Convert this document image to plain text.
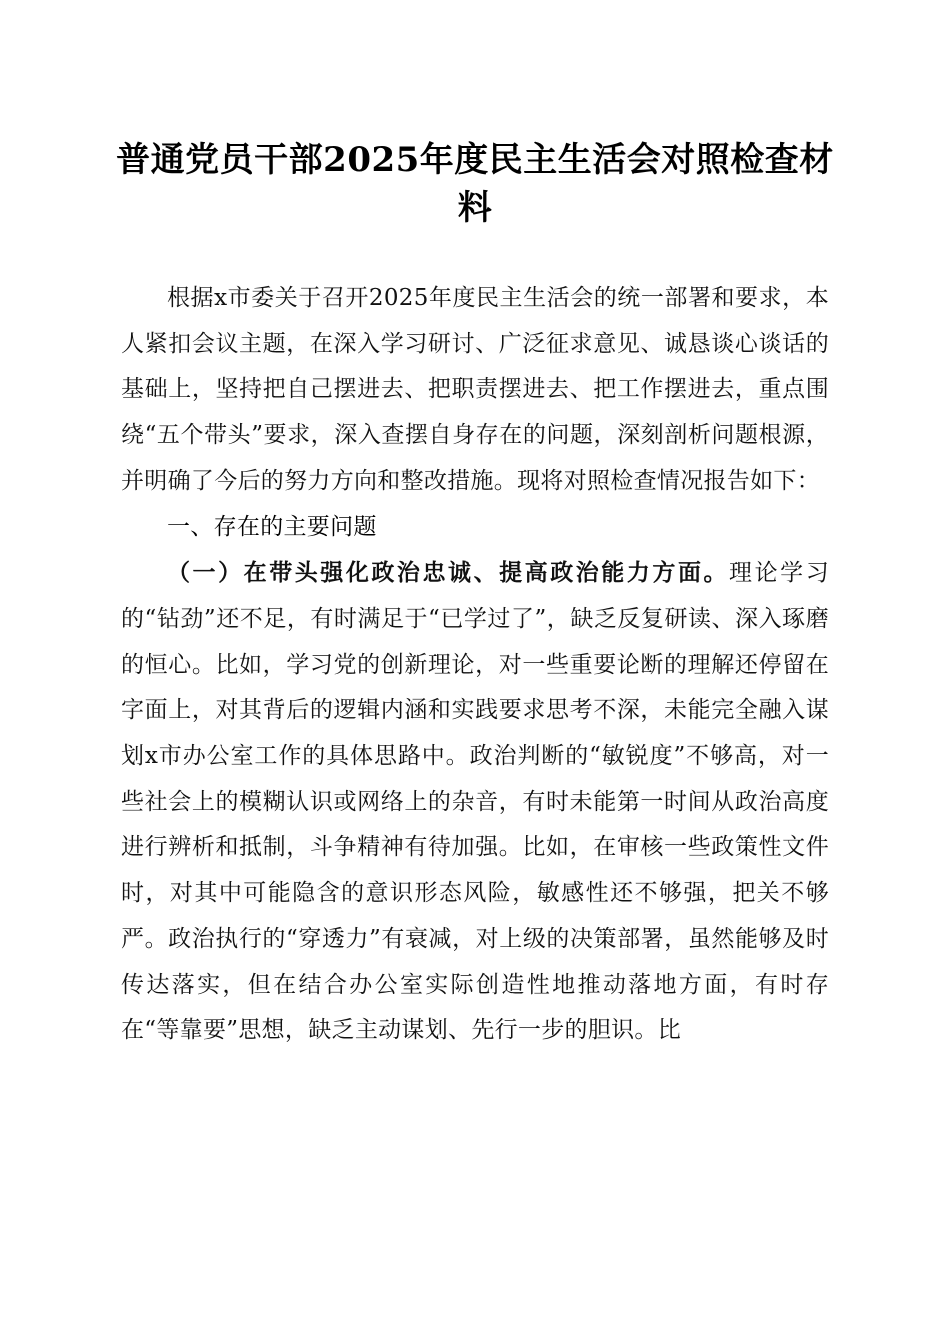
普通党员干部2025年度民主生活会对照检查材料

根据x市委关于召开2025年度民主生活会的统一部署和要求，本人紧扣会议主题，在深入学习研讨、广泛征求意见、诚恳谈心谈话的基础上，坚持把自己摆进去、把职责摆进去、把工作摆进去，重点围绕“五个带头”要求，深入查摆自身存在的问题，深刻剖析问题根源，并明确了今后的努力方向和整改措施。现将对照检查情况报告如下：

一、存在的主要问题

（一）在带头强化政治忠诚、提高政治能力方面。理论学习的“钻劲”还不足，有时满足于“已学过了”，缺乏反复研读、深入琢磨的恒心。比如，学习党的创新理论，对一些重要论断的理解还停留在字面上，对其背后的逻辑内涵和实践要求思考不深，未能完全融入谋划x市办公室工作的具体思路中。政治判断的“敏锐度”不够高，对一些社会上的模糊认识或网络上的杂音，有时未能第一时间从政治高度进行辨析和抵制，斗争精神有待加强。比如，在审核一些政策性文件时，对其中可能隐含的意识形态风险，敏感性还不够强，把关不够严。政治执行的“穿透力”有衰减，对上级的决策部署，虽然能够及时传达落实，但在结合办公室实际创造性地推动落地方面，有时存在“等靠要”思想，缺乏主动谋划、先行一步的胆识。比
